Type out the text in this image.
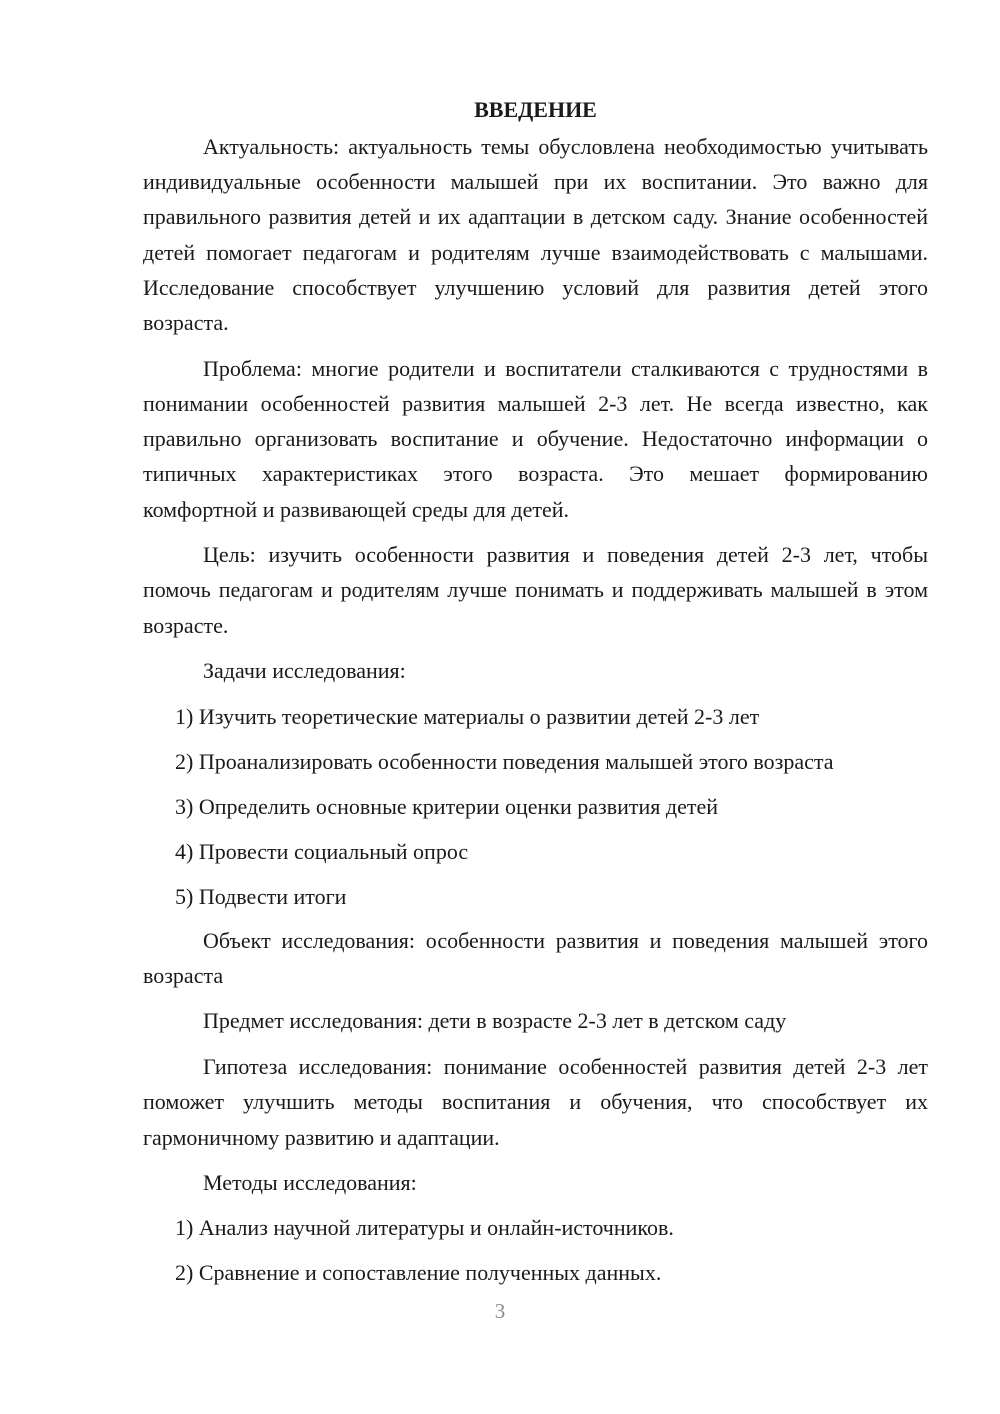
ВВЕДЕНИЕ

Актуальность: актуальность темы обусловлена необходимостью учитывать индивидуальные особенности малышей при их воспитании. Это важно для правильного развития детей и их адаптации в детском саду. Знание особенностей детей помогает педагогам и родителям лучше взаимодействовать с малышами. Исследование способствует улучшению условий для развития детей этого возраста.

Проблема: многие родители и воспитатели сталкиваются с трудностями в понимании особенностей развития малышей 2-3 лет. Не всегда известно, как правильно организовать воспитание и обучение. Недостаточно информации о типичных характеристиках этого возраста. Это мешает формированию комфортной и развивающей среды для детей.

Цель: изучить особенности развития и поведения детей 2-3 лет, чтобы помочь педагогам и родителям лучше понимать и поддерживать малышей в этом возрасте.

Задачи исследования:

1) Изучить теоретические материалы о развитии детей 2-3 лет

2) Проанализировать особенности поведения малышей этого возраста

3) Определить основные критерии оценки развития детей

4) Провести социальный опрос

5) Подвести итоги

Объект исследования: особенности развития и поведения малышей этого возраста

Предмет исследования: дети в возрасте 2-3 лет в детском саду

Гипотеза исследования: понимание особенностей развития детей 2-3 лет поможет улучшить методы воспитания и обучения, что способствует их гармоничному развитию и адаптации.

Методы исследования:

1) Анализ научной литературы и онлайн-источников.

2) Сравнение и сопоставление полученных данных.

3
